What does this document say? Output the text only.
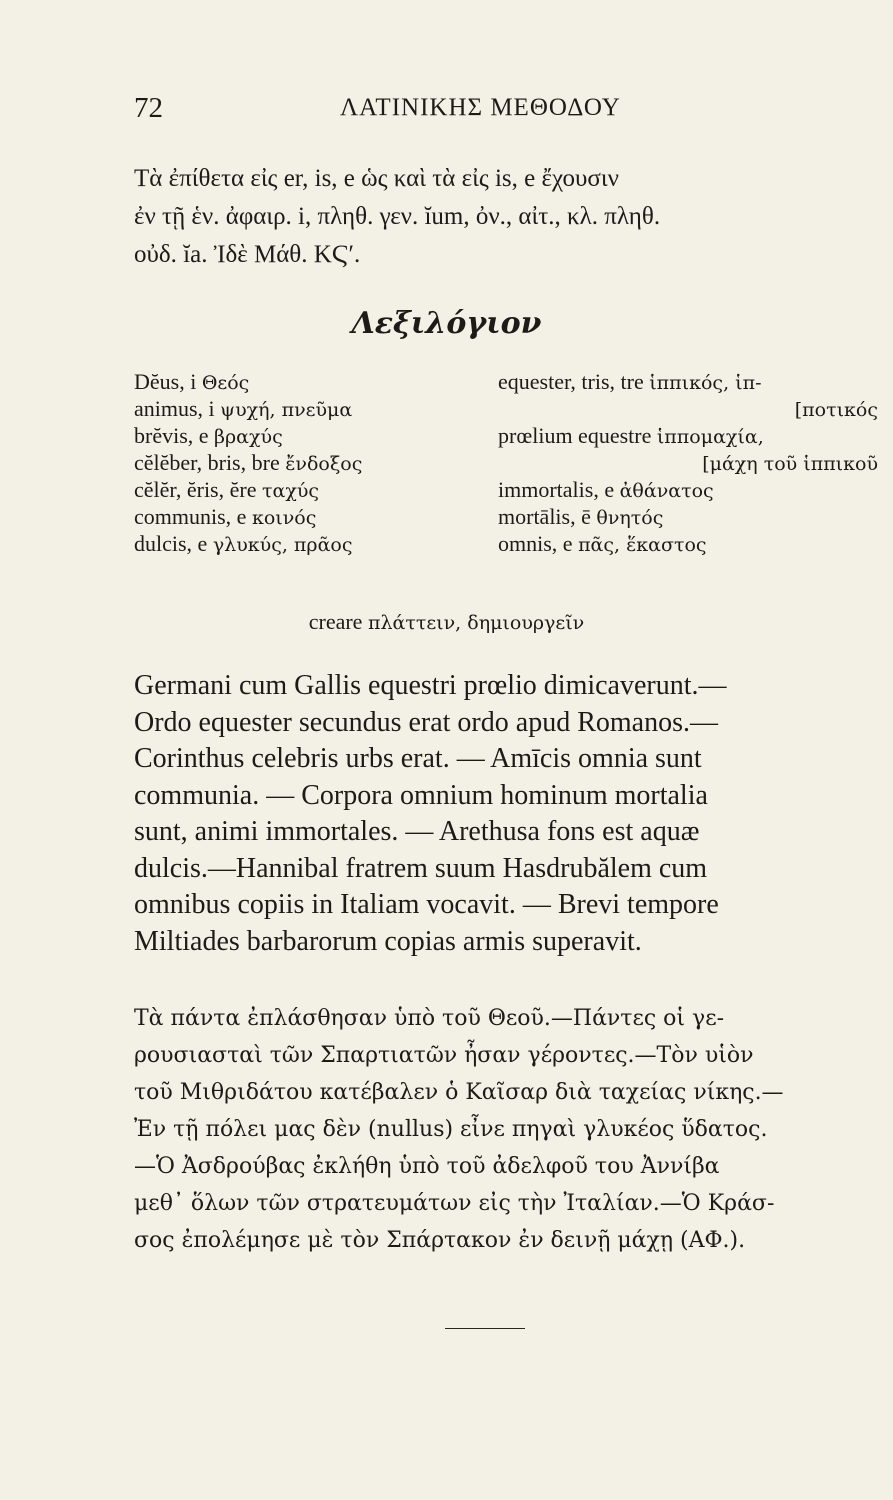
72	ΛΑΤΙΝΙΚΗΣ ΜΕΘΟΔΟΥ
Τὰ ἐπίθετα εἰς er, is, e ὡς καὶ τὰ εἰς is, e ἔχουσιν
ἐν τῇ ἑν. ἀφαιρ. i, πληθ. γεν. ĭum, ὀν., αἰτ., κλ. πληθ.
οὐδ. ĭa. Ἰδὲ Μάθ. ΚϚʹ.
Λεξιλόγιον
Dĕus, i Θεός
animus, i ψυχή, πνεῦμα
brĕvis, e βραχύς
cĕlĕber, bris, bre ἔνδοξος
cĕlĕr, ĕris, ĕre ταχύς
communis, e κοινός
dulcis, e γλυκύς, πρᾶος
equester, tris, tre ἱππικός, ἱπ-
[ποτικός
prœlium equestre ἱππομαχία,
[μάχη τοῦ ἱππικοῦ
immortalis, e ἀθάνατος
mortālis, ē θνητός
omnis, e πᾶς, ἕκαστος
creare πλάττειν, δημιουργεῖν
Germani cum Gallis equestri prœlio dimicaverunt.—
Ordo equester secundus erat ordo apud Romanos.—
Corinthus celebris urbs erat. — Amīcis omnia sunt
communia. — Corpora omnium hominum mortalia
sunt, animi immortales. — Arethusa fons est aquæ
dulcis.—Hannibal fratrem suum Hasdrubălem cum
omnibus copiis in Italiam vocavit. — Brevi tempore
Miltiades barbarorum copias armis superavit.
Τὰ πάντα ἐπλάσθησαν ὑπὸ τοῦ Θεοῦ.—Πάντες οἱ γε-
ρουσιασταὶ τῶν Σπαρτιατῶν ἦσαν γέροντες.—Τὸν υἱὸν
τοῦ Μιθριδάτου κατέβαλεν ὁ Καῖσαρ διὰ ταχείας νίκης.—
Ἐν τῇ πόλει μας δὲν (nullus) εἶνε πηγαὶ γλυκέος ὕδατος.
—Ὁ Ἀσδρούβας ἐκλήθη ὑπὸ τοῦ ἀδελφοῦ του Ἀννίβα
μεθ᾽ ὅλων τῶν στρατευμάτων εἰς τὴν Ἰταλίαν.—Ὁ Κράσ-
σος ἐπολέμησε μὲ τὸν Σπάρτακον ἐν δεινῇ μάχῃ (ΑΦ.).
